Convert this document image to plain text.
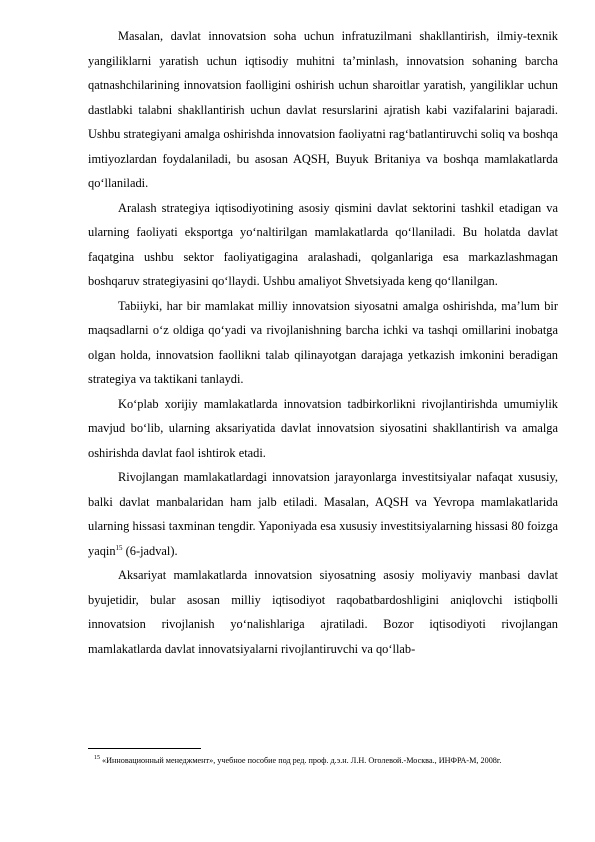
Masalan, davlat innovatsion soha uchun infratuzilmani shakllantirish, ilmiy-texnik yangiliklarni yaratish uchun iqtisodiy muhitni ta’minlash, innovatsion sohaning barcha qatnashchilarining innovatsion faolligini oshirish uchun sharoitlar yaratish, yangiliklar uchun dastlabki talabni shakllantirish uchun davlat resurslarini ajratish kabi vazifalarini bajaradi. Ushbu strategiyani amalga oshirishda innovatsion faoliyatni rag‘batlantiruvchi soliq va boshqa imtiyozlardan foydalaniladi, bu asosan AQSH, Buyuk Britaniya va boshqa mamlakatlarda qo‘llaniladi.

Aralash strategiya iqtisodiyotining asosiy qismini davlat sektorini tashkil etadigan va ularning faoliyati eksportga yo‘naltirilgan mamlakatlarda qo‘llaniladi. Bu holatda davlat faqatgina ushbu sektor faoliyatigagina aralashadi, qolganlariga esa markazlashmagan boshqaruv strategiyasini qo‘llaydi. Ushbu amaliyot Shvetsiyada keng qo‘llanilgan.

Tabiiyki, har bir mamlakat milliy innovatsion siyosatni amalga oshirishda, ma’lum bir maqsadlarni o‘z oldiga qo‘yadi va rivojlanishning barcha ichki va tashqi omillarini inobatga olgan holda, innovatsion faollikni talab qilinayotgan darajaga yetkazish imkonini beradigan strategiya va taktikani tanlaydi.

Ko‘plab xorijiy mamlakatlarda innovatsion tadbirkorlikni rivojlantirishda umumiylik mavjud bo‘lib, ularning aksariyatida davlat innovatsion siyosatini shakllantirish va amalga oshirishda davlat faol ishtirok etadi.

Rivojlangan mamlakatlardagi innovatsion jarayonlarga investitsiyalar nafaqat xususiy, balki davlat manbalaridan ham jalb etiladi. Masalan, AQSH va Yevropa mamlakatlarida ularning hissasi taxminan tengdir. Yaponiyada esa xususiy investitsiyalarning hissasi 80 foizga yaqin$^{15}$ (6-jadval).

Aksariyat mamlakatlarda innovatsion siyosatning asosiy moliyaviy manbasi davlat byujetidir, bular asosan milliy iqtisodiyot raqobatbardoshligini aniqlovchi istiqbolli innovatsion rivojlanish yo‘nalishlariga ajratiladi. Bozor iqtisodiyoti rivojlangan mamlakatlarda davlat innovatsiyalarni rivojlantiruvchi va qo‘llab-

$^{15}$ «Инновационный менеджмент», учебное пособие под ред. проф. д.э.н. Л.Н. Оголевой.-Москва., ИНФРА-М, 2008г.
